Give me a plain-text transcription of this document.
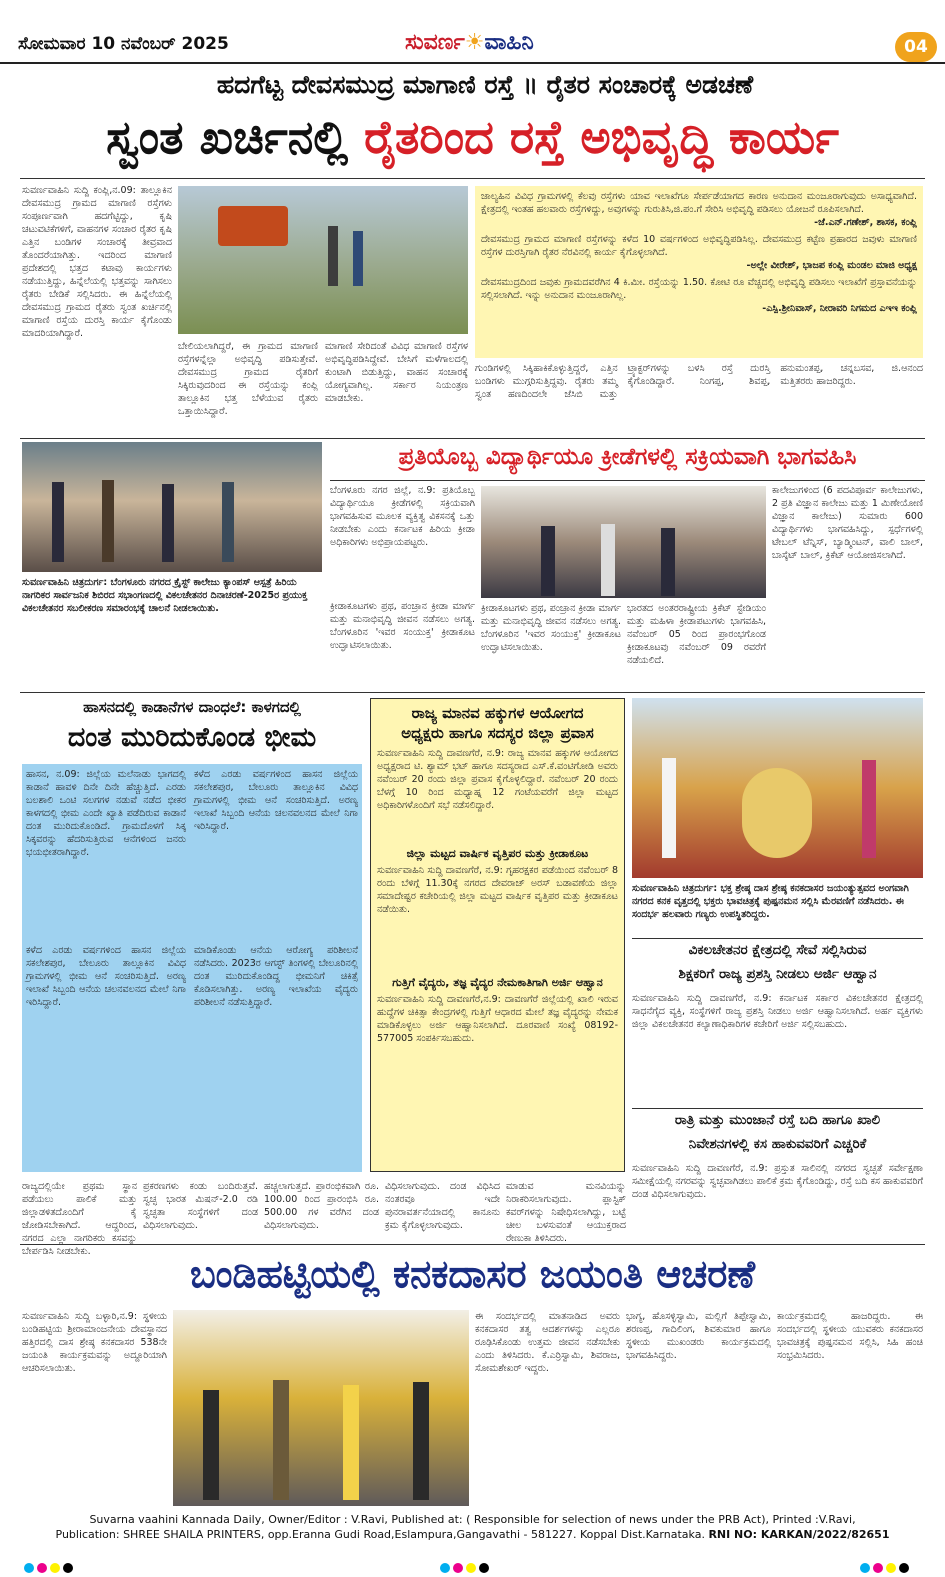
ಸೋಮವಾರ 10 ನವೆಂಬರ್ 2025	ಸುವರ್ಣ☀ವಾಹಿನಿ	04
ಹದಗೆಟ್ಟ ದೇವಸಮುದ್ರ ಮಾಗಾಣಿ ರಸ್ತೆ ॥ ರೈತರ ಸಂಚಾರಕ್ಕೆ ಅಡಚಣೆ
ಸ್ವಂತ ಖರ್ಚಿನಲ್ಲಿ ರೈತರಿಂದ ರಸ್ತೆ ಅಭಿವೃದ್ಧಿ ಕಾರ್ಯ
ಸುವರ್ಣವಾಹಿನಿ ಸುದ್ದಿ ಕಂಪ್ಲಿ,ನ.09: ತಾಲ್ಲೂಕಿನ ದೇವಸಮುದ್ರ ಗ್ರಾಮದ ಮಾಗಾಣಿ ರಸ್ತೆಗಳು ಸಂಪೂರ್ಣವಾಗಿ ಹದಗೆಟ್ಟಿದ್ದು, ಕೃಷಿ ಚಟುವಟಿಕೆಗಳಿಗೆ, ವಾಹನಗಳ ಸಂಚಾರ ರೈತರ ಕೃಷಿ ಎತ್ತಿನ ಬಂಡಿಗಳ ಸಂಚಾರಕ್ಕೆ ತೀವ್ರವಾದ ತೊಂದರೆಯಾಗಿತ್ತು. ಇದರಿಂದ ಮಾಗಾಣಿ ಪ್ರದೇಶದಲ್ಲಿ ಭತ್ತದ ಕಟಾವು ಕಾರ್ಯಗಳು ನಡೆಯುತ್ತಿದ್ದು, ಹಿನ್ನೆಲೆಯಲ್ಲಿ ಭತ್ತವನ್ನು ಸಾಗಿಸಲು ರೈತರು ಬೇಡಿಕೆ ಸಲ್ಲಿಸಿದರು. ಈ ಹಿನ್ನೆಲೆಯಲ್ಲಿ ದೇವಸಮುದ್ರ ಗ್ರಾಮದ ರೈತರು ಸ್ವಂತ ಖರ್ಚಿನಲ್ಲಿ ಮಾಗಾಣಿ ರಸ್ತೆಯ ದುರಸ್ತಿ ಕಾರ್ಯ ಕೈಗೊಂಡು ಮಾದರಿಯಾಗಿದ್ದಾರೆ.
ಬೇಲಿಯಲಾಗಿದ್ದರೆ, ಈ ಗ್ರಾಮದ ಮಾಗಾಣಿ ರಸ್ತೆಗಳನ್ನೆಲ್ಲಾ ಅಭಿವೃದ್ಧಿ ಪಡಿಸುತ್ತೇವೆ. ದೇವಸಮುದ್ರ ಗ್ರಾಮದ ರೈತರಿಗೆ ಸಿಕ್ಕಿರುವುದರಿಂದ ಈ ರಸ್ತೆಯನ್ನು ಕಂಪ್ಲಿ ತಾಲ್ಲೂಕಿನ ಭತ್ತ ಬೆಳೆಯುವ ರೈತರು ಒತ್ತಾಯಿಸಿದ್ದಾರೆ.
ಮಾಗಾಣಿ ಸೇರಿದಂತೆ ವಿವಿಧ ಮಾಗಾಣಿ ರಸ್ತೆಗಳ ಅಭಿವೃದ್ಧಿಪಡಿಸಿದ್ದೇವೆ. ಬೇಸಿಗೆ ಮಳೆಗಾಲದಲ್ಲಿ ಕುಂಟಾಗಿ ಬಿಡುತ್ತಿದ್ದು, ವಾಹನ ಸಂಚಾರಕ್ಕೆ ಯೋಗ್ಯವಾಗಿಲ್ಲ. ಸರ್ಕಾರ ನಿಯಂತ್ರಣ ಮಾಡಬೇಕು.
ಜಾಲ್ಯಹಿನ ವಿವಿಧ ಗ್ರಾಮಗಳಲ್ಲಿ ಕೆಲವು ರಸ್ತೆಗಳು ಯಾವ ಇಲಾಖೆಗೂ ಸೇರ್ಪಡೆಯಾಗದ ಕಾರಣ ಅನುದಾನ ಮಂಜೂರಾಗುವುದು ಅಸಾಧ್ಯವಾಗಿದೆ. ಕ್ಷೇತ್ರದಲ್ಲಿ ಇಂತಹ ಹಲವಾರು ರಸ್ತೆಗಳಿದ್ದು, ಅವುಗಳನ್ನು ಗುರುತಿಸಿ,ಜಿ.ಪಂ.ಗೆ ಸೇರಿಸಿ ಅಭಿವೃದ್ಧಿ ಪಡಿಸಲು ಯೋಜನೆ ರೂಪಿಸಲಾಗಿದೆ.
-ಜೆ.ಎನ್.ಗಣೇಶ್, ಶಾಸಕ, ಕಂಪ್ಲಿ
ದೇವಸಮುದ್ರ ಗ್ರಾಮದ ಮಾಗಾಣಿ ರಸ್ತೆಗಳನ್ನು ಕಳೆದ 10 ವರ್ಷಗಳಿಂದ ಅಭಿವೃದ್ಧಿಪಡಿಸಿಲ್ಲ. ದೇವಸಮುದ್ರ ಕಟ್ಟೆಣ ಪ್ರಹಾರದ ಜವುಳು ಮಾಗಾಣಿ ರಸ್ತೆಗಳ ದುರಸ್ತಿಗಾಗಿ ರೈತರ ನೆರವಿನಲ್ಲಿ ಕಾರ್ಯ ಕೈಗೊಳ್ಳಲಾಗಿದೆ.
-ಅಲ್ಲೇ ವೀರೇಶ್, ಭಾಜಪ ಕಂಪ್ಲಿ ಮಂಡಲ ಮಾಜಿ ಅಧ್ಯಕ್ಷ
ದೇವಸಮುದ್ರದಿಂದ ಜವುಕು ಗ್ರಾಮದವರೆಗಿನ 4 ಕಿ.ಮೀ. ರಸ್ತೆಯನ್ನು 1.50. ಕೋಟಿ ರೂ ವೆಚ್ಚದಲ್ಲಿ ಅಭಿವೃದ್ಧಿ ಪಡಿಸಲು ಇಲಾಖೆಗೆ ಪ್ರಸ್ತಾವನೆಯನ್ನು ಸಲ್ಲಿಸಲಾಗಿದೆ. ಇನ್ನು ಅನುದಾನ ಮಂಜೂರಾಗಿಲ್ಲ.
-ಎಸ್ಪಿ.ಶ್ರೀನಿವಾಸ್, ನೀರಾವರಿ ನಿಗಮದ ಎಇಇ ಕಂಪ್ಲಿ
ಗುಂಡಿಗಳಲ್ಲಿ ಸಿಕ್ಕಿಹಾಕಿಕೊಳ್ಳುತ್ತಿದ್ದರೆ, ಎತ್ತಿನ ಬಂಡಿಗಳು ಮುಗ್ಗರಿಸುತ್ತಿದ್ದವು. ರೈತರು ತಮ್ಮ ಸ್ವಂತ ಹಣದಿಂದಲೇ ಜೆಸಿಬಿ ಮತ್ತು ಟ್ರ್ಯಾಕ್ಟರ್‌ಗಳನ್ನು ಬಳಸಿ ರಸ್ತೆ ದುರಸ್ತಿ ಕೈಗೊಂಡಿದ್ದಾರೆ. ನಿಂಗಪ್ಪ, ಶಿವಪ್ಪ, ಹನುಮಂತಪ್ಪ, ಚನ್ನಬಸವ, ಜಿ.ಆನಂದ ಮತ್ತಿತರರು ಹಾಜರಿದ್ದರು.
ಸುವರ್ಣವಾಹಿನಿ ಚಿತ್ರದುರ್ಗ: ಬೆಂಗಳೂರು ನಗರದ ಕ್ರೈಸ್ಟ್ ಕಾಲೇಜು ಕ್ಯಾಂಪಸ್ ಆಸ್ಪತ್ರೆ ಹಿರಿಯ ನಾಗರಿಕರ ಸಾರ್ವಜನಿಕ ಶಿಬಿರದ ಸಭಾಂಗಣದಲ್ಲಿ ವಿಕಲಚೇತನರ ದಿನಾಚರಣೆ-2025ರ ಪ್ರಯುಕ್ತ ವಿಕಲಚೇತನರ ಸಬಲೀಕರಣ ಸಮಾರಂಭಕ್ಕೆ ಚಾಲನೆ ನೀಡಲಾಯಿತು.
ಪ್ರತಿಯೊಬ್ಬ ವಿದ್ಯಾರ್ಥಿಯೂ ಕ್ರೀಡೆಗಳಲ್ಲಿ ಸಕ್ರಿಯವಾಗಿ ಭಾಗವಹಿಸಿ
ಬೆಂಗಳೂರು ನಗರ ಜಿಲ್ಲೆ, ನ.9: ಪ್ರತಿಯೊಬ್ಬ ವಿದ್ಯಾರ್ಥಿಯೂ ಕ್ರೀಡೆಗಳಲ್ಲಿ ಸಕ್ರಿಯವಾಗಿ ಭಾಗವಹಿಸುವ ಮೂಲಕ ವ್ಯಕ್ತಿತ್ವ ವಿಕಸನಕ್ಕೆ ಒತ್ತು ನೀಡಬೇಕು ಎಂದು ಕರ್ನಾಟಕ ಹಿರಿಯ ಕ್ರೀಡಾ ಅಧಿಕಾರಿಗಳು ಅಭಿಪ್ರಾಯಪಟ್ಟರು.
ಕಾಲೇಜುಗಳಿಂದ (6 ಪದವಿಪೂರ್ವ ಕಾಲೇಜುಗಳು, 2 ಪ್ರತಿ ವಿಜ್ಞಾನ ಕಾಲೇಜು ಮತ್ತು 1 ಮಿಣೇಯೋಣಿ ವಿಜ್ಞಾನ ಕಾಲೇಜು) ಸುಮಾರು 600 ವಿದ್ಯಾರ್ಥಿಗಳು ಭಾಗವಹಿಸಿದ್ದು, ಸ್ಪರ್ಧೆಗಳಲ್ಲಿ ಟೇಬಲ್ ಟೆನ್ನಿಸ್, ಬ್ಯಾಡ್ಮಿಂಟನ್, ವಾಲಿ ಬಾಲ್, ಬಾಸ್ಕೆಟ್ ಬಾಲ್, ಕ್ರಿಕೆಟ್ ಆಯೋಜಿಸಲಾಗಿದೆ.
ಕ್ರೀಡಾಕೂಟಗಳು ಪ್ರಥ, ಪಂಚ್ರಾನ ಕ್ರೀಡಾ ಮಾರ್ಗ ಮತ್ತು ಮನಾಭಿವೃದ್ಧಿ ಜೀವನ ನಡೆಸಲು ಅಗತ್ಯ. ಬೆಂಗಳೂರಿನ 'ಇವರ ಸಂಯುಕ್ತ' ಕ್ರೀಡಾಕೂಟ ಉದ್ಘಾಟಿಸಲಾಯಿತು.
ಕ್ರೀಡಾಕೂಟಗಳು ಪ್ರಥ, ಪಂಚ್ರಾನ ಕ್ರೀಡಾ ಮಾರ್ಗ ಮತ್ತು ಮನಾಭಿವೃದ್ಧಿ ಜೀವನ ನಡೆಸಲು ಅಗತ್ಯ. ಬೆಂಗಳೂರಿನ 'ಇವರ ಸಂಯುಕ್ತ' ಕ್ರೀಡಾಕೂಟ ಉದ್ಘಾಟಿಸಲಾಯಿತು.
ಭಾರತದ ಅಂತರರಾಷ್ಟ್ರೀಯ ಕ್ರಿಕೆಟ್ ಸ್ಟೇಡಿಯಂ ಮತ್ತು ಮಹಿಳಾ ಕ್ರೀಡಾಪಟುಗಳು ಭಾಗವಹಿಸಿ, ನವೆಂಬರ್ 05 ರಿಂದ ಪ್ರಾರಂಭಗೊಂಡ ಕ್ರೀಡಾಕೂಟವು ನವೆಂಬರ್ 09 ರವರೆಗೆ ನಡೆಯಲಿದೆ.
ಹಾಸನದಲ್ಲಿ ಕಾಡಾನೆಗಳ ದಾಂಧಲೆ: ಕಾಳಗದಲ್ಲಿ
ದಂತ ಮುರಿದುಕೊಂಡ ಭೀಮ
ಹಾಸನ, ನ.09: ಜಿಲ್ಲೆಯ ಮಲೆನಾಡು ಭಾಗದಲ್ಲಿ ಕಾಡಾನೆ ಹಾವಳಿ ದಿನೇ ದಿನೇ ಹೆಚ್ಚುತ್ತಿದೆ. ಎರಡು ಬಲಶಾಲಿ ಒಂಟಿ ಸಲಗಗಳ ನಡುವೆ ನಡೆದ ಭೀಕರ ಕಾಳಗದಲ್ಲಿ ಭೀಮ ಎಂದೇ ಖ್ಯಾತಿ ಪಡೆದಿರುವ ಕಾಡಾನೆ ದಂತ ಮುರಿದುಕೊಂಡಿದೆ. ಗ್ರಾಮದೊಳಗೆ ಸಿಕ್ಕ ಸಿಕ್ಕವರನ್ನು ಹೆದರಿಸುತ್ತಿರುವ ಆನೆಗಳಿಂದ ಜನರು ಭಯಭೀತರಾಗಿದ್ದಾರೆ.
ಕಳೆದ ಎರಡು ವರ್ಷಗಳಿಂದ ಹಾಸನ ಜಿಲ್ಲೆಯ ಸಕಲೇಶಪುರ, ಬೇಲೂರು ತಾಲ್ಲೂಕಿನ ವಿವಿಧ ಗ್ರಾಮಗಳಲ್ಲಿ ಭೀಮ ಆನೆ ಸಂಚರಿಸುತ್ತಿದೆ. ಅರಣ್ಯ ಇಲಾಖೆ ಸಿಬ್ಬಂದಿ ಆನೆಯ ಚಲನವಲನದ ಮೇಲೆ ನಿಗಾ ಇರಿಸಿದ್ದಾರೆ.
ಕಳೆದ ಎರಡು ವರ್ಷಗಳಿಂದ ಹಾಸನ ಜಿಲ್ಲೆಯ ಸಕಲೇಶಪುರ, ಬೇಲೂರು ತಾಲ್ಲೂಕಿನ ವಿವಿಧ ಗ್ರಾಮಗಳಲ್ಲಿ ಭೀಮ ಆನೆ ಸಂಚರಿಸುತ್ತಿದೆ. ಅರಣ್ಯ ಇಲಾಖೆ ಸಿಬ್ಬಂದಿ ಆನೆಯ ಚಲನವಲನದ ಮೇಲೆ ನಿಗಾ ಇರಿಸಿದ್ದಾರೆ.
ಮಾಡಿಕೊಂಡು ಆನೆಯ ಆರೋಗ್ಯ ಪರಿಶೀಲನೆ ನಡೆಸಿದರು. 2023ರ ಆಗಸ್ಟ್ ತಿಂಗಳಲ್ಲಿ ಬೇಲೂರಿನಲ್ಲಿ ದಂತ ಮುರಿದುಕೊಂಡಿದ್ದ ಭೀಮನಿಗೆ ಚಿಕಿತ್ಸೆ ಕೊಡಿಸಲಾಗಿತ್ತು. ಅರಣ್ಯ ಇಲಾಖೆಯ ವೈದ್ಯರು ಪರಿಶೀಲನೆ ನಡೆಸುತ್ತಿದ್ದಾರೆ.
ರಾಜ್ಯ ಮಾನವ ಹಕ್ಕುಗಳ ಆಯೋಗದ
ಅಧ್ಯಕ್ಷರು ಹಾಗೂ ಸದಸ್ಯರ ಜಿಲ್ಲಾ ಪ್ರವಾಸ
ಸುವರ್ಣವಾಹಿನಿ ಸುದ್ದಿ ದಾವಣಗೆರೆ, ನ.9: ರಾಜ್ಯ ಮಾನವ ಹಕ್ಕುಗಳ ಆಯೋಗದ ಅಧ್ಯಕ್ಷರಾದ ಟಿ. ಶ್ಯಾಮ್ ಭಟ್ ಹಾಗೂ ಸದಸ್ಯರಾದ ಎಸ್.ಕೆ.ವಂಟಿಗೋಡಿ ಅವರು ನವೆಂಬರ್ 20 ರಂದು ಜಿಲ್ಲಾ ಪ್ರವಾಸ ಕೈಗೊಳ್ಳಲಿದ್ದಾರೆ. ನವೆಂಬರ್ 20 ರಂದು ಬೆಳಗ್ಗೆ 10 ರಿಂದ ಮಧ್ಯಾಹ್ನ 12 ಗಂಟೆಯವರೆಗೆ ಜಿಲ್ಲಾ ಮಟ್ಟದ ಅಧಿಕಾರಿಗಳೊಂದಿಗೆ ಸಭೆ ನಡೆಸಲಿದ್ದಾರೆ.
ಜಿಲ್ಲಾ ಮಟ್ಟದ ವಾರ್ಷಿಕ ವೃತ್ತಿಪರ ಮತ್ತು ಕ್ರೀಡಾಕೂಟ
ಸುವರ್ಣವಾಹಿನಿ ಸುದ್ದಿ ದಾವಣಗೆರೆ, ನ.9: ಗೃಹರಕ್ಷಕರ ಪಡೆಯಿಂದ ನವೆಂಬರ್ 8 ರಂದು ಬೆಳಿಗ್ಗೆ 11.30ಕ್ಕೆ ನಗರದ ದೇವರಾಜ್ ಅರಸ್ ಬಡಾವಣೆಯ ಜಿಲ್ಲಾ ಸಮಾದೇಷ್ಟರ ಕಚೇರಿಯಲ್ಲಿ ಜಿಲ್ಲಾ ಮಟ್ಟದ ವಾರ್ಷಿಕ ವೃತ್ತಿಪರ ಮತ್ತು ಕ್ರೀಡಾಕೂಟ ನಡೆಯಿತು.
ಗುತ್ತಿಗೆ ವೈದ್ಯರು, ತಜ್ಞ ವೈದ್ಯರ ನೇಮಕಾತಿಗಾಗಿ ಅರ್ಜಿ ಆಹ್ವಾನ
ಸುವರ್ಣವಾಹಿನಿ ಸುದ್ದಿ ದಾವಣಗೆರೆ,ನ.9: ದಾವಣಗೆರೆ ಜಿಲ್ಲೆಯಲ್ಲಿ ಖಾಲಿ ಇರುವ ಹುದ್ದೆಗಳ ಚಿಕಿತ್ಸಾ ಕೇಂದ್ರಗಳಲ್ಲಿ ಗುತ್ತಿಗೆ ಆಧಾರದ ಮೇಲೆ ತಜ್ಞ ವೈದ್ಯರನ್ನು ನೇಮಕ ಮಾಡಿಕೊಳ್ಳಲು ಅರ್ಜಿ ಆಹ್ವಾನಿಸಲಾಗಿದೆ. ದೂರವಾಣಿ ಸಂಖ್ಯೆ 08192-577005 ಸಂಪರ್ಕಿಸಬಹುದು.
ಸುವರ್ಣವಾಹಿನಿ ಚಿತ್ರದುರ್ಗ: ಭಕ್ತ ಶ್ರೇಷ್ಠ ದಾಸ ಶ್ರೇಷ್ಠ ಕನಕದಾಸರ ಜಯಂತ್ಯುತ್ಸವದ ಅಂಗವಾಗಿ ನಗರದ ಕನಕ ವೃತ್ತದಲ್ಲಿ ಭಕ್ತರು ಭಾವಚಿತ್ರಕ್ಕೆ ಪುಷ್ಪನಮನ ಸಲ್ಲಿಸಿ ಮೆರವಣಿಗೆ ನಡೆಸಿದರು. ಈ ಸಂದರ್ಭ ಹಲವಾರು ಗಣ್ಯರು ಉಪಸ್ಥಿತರಿದ್ದರು.
ವಿಕಲಚೇತನರ ಕ್ಷೇತ್ರದಲ್ಲಿ ಸೇವೆ ಸಲ್ಲಿಸಿರುವ
ಶಿಕ್ಷಕರಿಗೆ ರಾಜ್ಯ ಪ್ರಶಸ್ತಿ ನೀಡಲು ಅರ್ಜಿ ಆಹ್ವಾನ
ಸುವರ್ಣವಾಹಿನಿ ಸುದ್ದಿ ದಾವಣಗೆರೆ, ನ.9: ಕರ್ನಾಟಕ ಸರ್ಕಾರ ವಿಕಲಚೇತನರ ಕ್ಷೇತ್ರದಲ್ಲಿ ಸಾಧನೆಗೈದ ವ್ಯಕ್ತಿ, ಸಂಸ್ಥೆಗಳಿಗೆ ರಾಜ್ಯ ಪ್ರಶಸ್ತಿ ನೀಡಲು ಅರ್ಜಿ ಆಹ್ವಾನಿಸಲಾಗಿದೆ. ಅರ್ಹ ವ್ಯಕ್ತಿಗಳು ಜಿಲ್ಲಾ ವಿಕಲಚೇತನರ ಕಲ್ಯಾಣಾಧಿಕಾರಿಗಳ ಕಚೇರಿಗೆ ಅರ್ಜಿ ಸಲ್ಲಿಸಬಹುದು.
ರಾತ್ರಿ ಮತ್ತು ಮುಂಜಾನೆ ರಸ್ತೆ ಬದಿ ಹಾಗೂ ಖಾಲಿ
ನಿವೇಶನಗಳಲ್ಲಿ ಕಸ ಹಾಕುವವರಿಗೆ ಎಚ್ಚರಿಕೆ
ಸುವರ್ಣವಾಹಿನಿ ಸುದ್ದಿ ದಾವಣಗೆರೆ, ನ.9: ಪ್ರಸ್ತುತ ಸಾಲಿನಲ್ಲಿ ನಗರದ ಸ್ವಚ್ಛತೆ ಸರ್ವೇಕ್ಷಣಾ ಸಮೀಕ್ಷೆಯಲ್ಲಿ ನಗರವನ್ನು ಸ್ವಚ್ಛವಾಗಿಡಲು ಪಾಲಿಕೆ ಕ್ರಮ ಕೈಗೊಂಡಿದ್ದು, ರಸ್ತೆ ಬದಿ ಕಸ ಹಾಕುವವರಿಗೆ ದಂಡ ವಿಧಿಸಲಾಗುವುದು.
ರಾಜ್ಯದಲ್ಲಿಯೇ ಪ್ರಥಮ ಸ್ಥಾನ ಪಡೆಯಲು ಪಾಲಿಕೆ ಮತ್ತು ಜಿಲ್ಲಾಡಳಿತದೊಂದಿಗೆ ಕೈ ಜೋಡಿಸಬೇಕಾಗಿದೆ. ಆದ್ದರಿಂದ, ನಗರದ ಎಲ್ಲಾ ನಾಗರಿಕರು ಕಸವನ್ನು ಬೇರ್ಪಡಿಸಿ ನೀಡಬೇಕು.
ಪ್ರಕರಣಗಳು ಕಂಡು ಬಂದಿರುತ್ತವೆ. ಸ್ವಚ್ಛ ಭಾರತ ಮಿಷನ್-2.0 ರಡಿ ಸ್ವಚ್ಛತಾ ಸಂಸ್ಥೆಗಳಿಗೆ ದಂಡ ವಿಧಿಸಲಾಗುವುದು.
ಹಚ್ಚಲಾಗುತ್ತದೆ. ಪ್ರಾರಂಭಿಕವಾಗಿ ರೂ. 100.00 ರಿಂದ ಪ್ರಾರಂಭಿಸಿ ರೂ. 500.00 ಗಳ ವರೆಗಿನ ದಂಡ ವಿಧಿಸಲಾಗುವುದು.
ವಿಧಿಸಲಾಗುವುದು. ದಂಡ ವಿಧಿಸಿದ ನಂತರವೂ ಇದೇ ಪುನರಾವರ್ತನೆಯಾದಲ್ಲಿ ಕಾನೂನು ಕ್ರಮ ಕೈಗೊಳ್ಳಲಾಗುವುದು.
ಮಾಡುವ ಮನವಿಯನ್ನು ನಿರಾಕರಿಸಲಾಗುವುದು. ಪ್ಲಾಸ್ಟಿಕ್ ಕವರ್‌ಗಳನ್ನು ನಿಷೇಧಿಸಲಾಗಿದ್ದು, ಬಟ್ಟೆ ಚೀಲ ಬಳಸುವಂತೆ ಆಯುಕ್ತರಾದ ರೇಣುಕಾ ತಿಳಿಸಿದರು.
ಬಂಡಿಹಟ್ಟಿಯಲ್ಲಿ ಕನಕದಾಸರ ಜಯಂತಿ ಆಚರಣೆ
ಸುವರ್ಣವಾಹಿನಿ ಸುದ್ದಿ ಬಳ್ಳಾರಿ,ನ.9: ಸ್ಥಳೀಯ ಬಂಡಿಹಟ್ಟಿಯ ಶ್ರೀರಾಮಾಂಜನೇಯ ದೇವಸ್ಥಾನದ ಹತ್ತಿರದಲ್ಲಿ ದಾಸ ಶ್ರೇಷ್ಠ ಕನಕದಾಸರ 538ನೇ ಜಯಂತಿ ಕಾರ್ಯಕ್ರಮವನ್ನು ಅದ್ದೂರಿಯಾಗಿ ಆಚರಿಸಲಾಯಿತು.
ಈ ಸಂದರ್ಭದಲ್ಲಿ ಮಾತನಾಡಿದ ಅವರು ಕನಕದಾಸರ ತತ್ವ ಆದರ್ಶಗಳನ್ನು ಎಲ್ಲರೂ ರೂಢಿಸಿಕೊಂಡು ಉತ್ತಮ ಜೀವನ ನಡೆಸಬೇಕು ಎಂದು ತಿಳಿಸಿದರು. ಕೆ.ಎರ್ರಿಸ್ವಾಮಿ, ಶಿವರಾಜ, ಸೋಮಶೇಖರ್ ಇದ್ದರು.
ಭಾಗ್ಯ, ಹೊಸಳ್ಳಿಸ್ವಾಮಿ, ಮಲ್ಲಿಗೆ ತಿಪ್ಪೇಸ್ವಾಮಿ, ಶರಣಪ್ಪ, ಗಾದಿಲಿಂಗ, ಶಿವಕುಮಾರ ಹಾಗೂ ಸ್ಥಳೀಯ ಮುಖಂಡರು ಕಾರ್ಯಕ್ರಮದಲ್ಲಿ ಭಾಗವಹಿಸಿದ್ದರು.
ಕಾರ್ಯಕ್ರಮದಲ್ಲಿ ಹಾಜರಿದ್ದರು. ಈ ಸಂದರ್ಭದಲ್ಲಿ ಸ್ಥಳೀಯ ಯುವಕರು ಕನಕದಾಸರ ಭಾವಚಿತ್ರಕ್ಕೆ ಪುಷ್ಪನಮನ ಸಲ್ಲಿಸಿ, ಸಿಹಿ ಹಂಚಿ ಸಂಭ್ರಮಿಸಿದರು.
Suvarna vaahini Kannada Daily, Owner/Editor : V.Ravi, Published at: ( Responsible for selection of news under the PRB Act), Printed :V.Ravi,
Publication: SHREE SHAILA PRINTERS, opp.Eranna Gudi Road,Eslampura,Gangavathi - 581227. Koppal Dist.Karnataka. RNI NO: KARKAN/2022/82651
